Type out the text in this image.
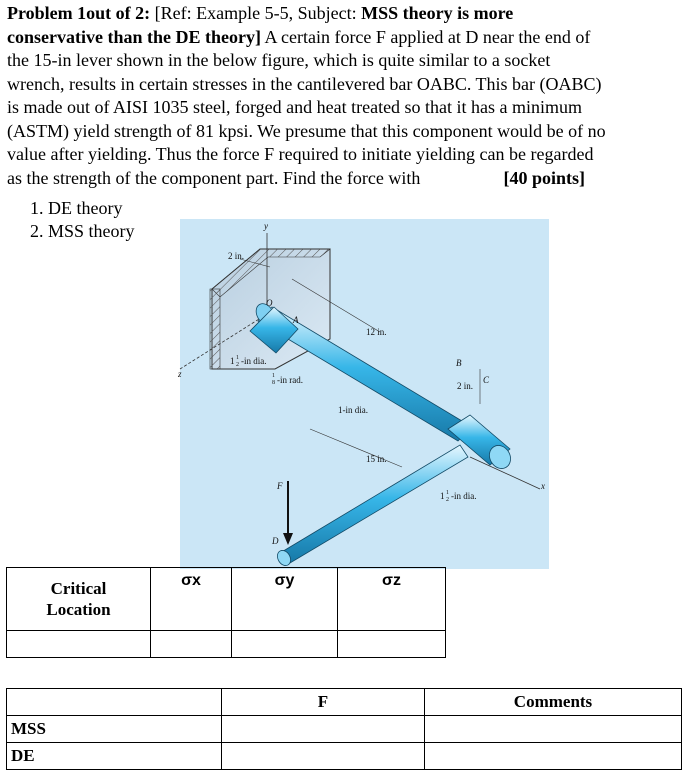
Problem 1out of 2: [Ref: Example 5-5, Subject: MSS theory is more
conservative than the DE theory] A certain force F applied at D near the end of
the 15-in lever shown in the below figure, which is quite similar to a socket
wrench, results in certain stresses in the cantilevered bar OABC. This bar (OABC)
is made out of AISI 1035 steel, forged and heat treated so that it has a minimum
(ASTM) yield strength of 81 kpsi. We presume that this component would be of no
value after yielding. Thus the force F required to initiate yielding can be regarded
as the strength of the component part. Find the force with	[40 points]
1. DE theory
2. MSS theory
2 in.
y
O
A
12 in.
1 1
2 -in dia.
1
8 -in rad.
z
1-in dia.
B
2 in.
C
15 in.
F
D
1 1
2 -in dia.
x
Critical
Location	σx	σy	σz

	F	Comments
MSS		
DE		
